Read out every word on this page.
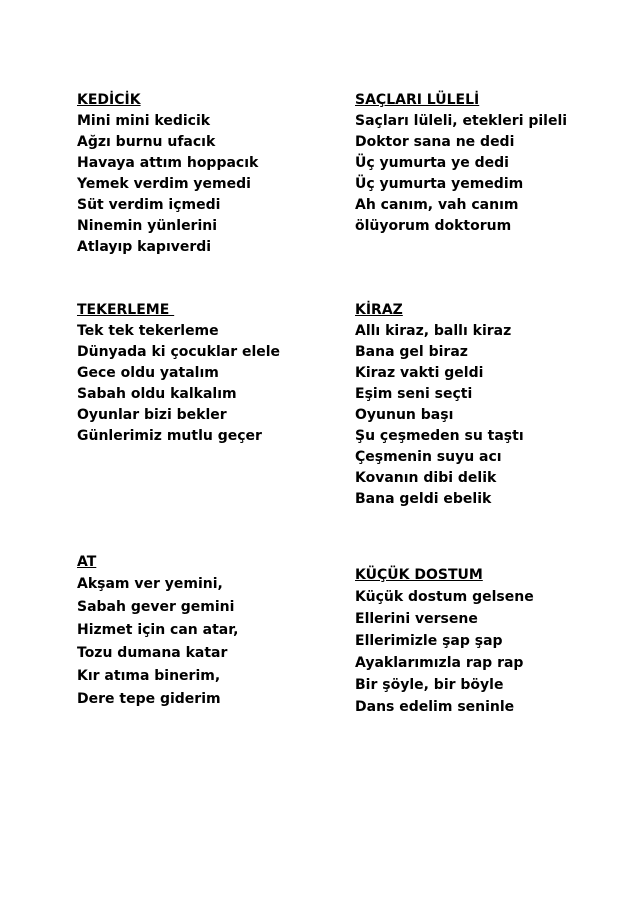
KEDİCİK
Mini mini kedicik
Ağzı burnu ufacık
Havaya attım hoppacık
Yemek verdim yemedi
Süt verdim içmedi
Ninemin yünlerini
Atlayıp kapıverdi
SAÇLARI LÜLELİ
Saçları lüleli, etekleri pileli
Doktor sana ne dedi
Üç yumurta ye dedi
Üç yumurta yemedim
Ah canım, vah canım
ölüyorum doktorum
TEKERLEME
Tek tek tekerleme
Dünyada ki çocuklar elele
Gece oldu yatalım
Sabah oldu kalkalım
Oyunlar bizi bekler
Günlerimiz mutlu geçer
KİRAZ
Allı kiraz, ballı kiraz
Bana gel biraz
Kiraz vakti geldi
Eşim seni seçti
Oyunun başı
Şu çeşmeden su taştı
Çeşmenin suyu acı
Kovanın dibi delik
Bana geldi ebelik
AT
Akşam ver yemini,
Sabah gever gemini
Hizmet için can atar,
Tozu dumana katar
Kır atıma binerim,
Dere tepe giderim
KÜÇÜK DOSTUM
Küçük dostum gelsene
Ellerini versene
Ellerimizle şap şap
Ayaklarımızla rap rap
Bir şöyle, bir böyle
Dans edelim seninle
